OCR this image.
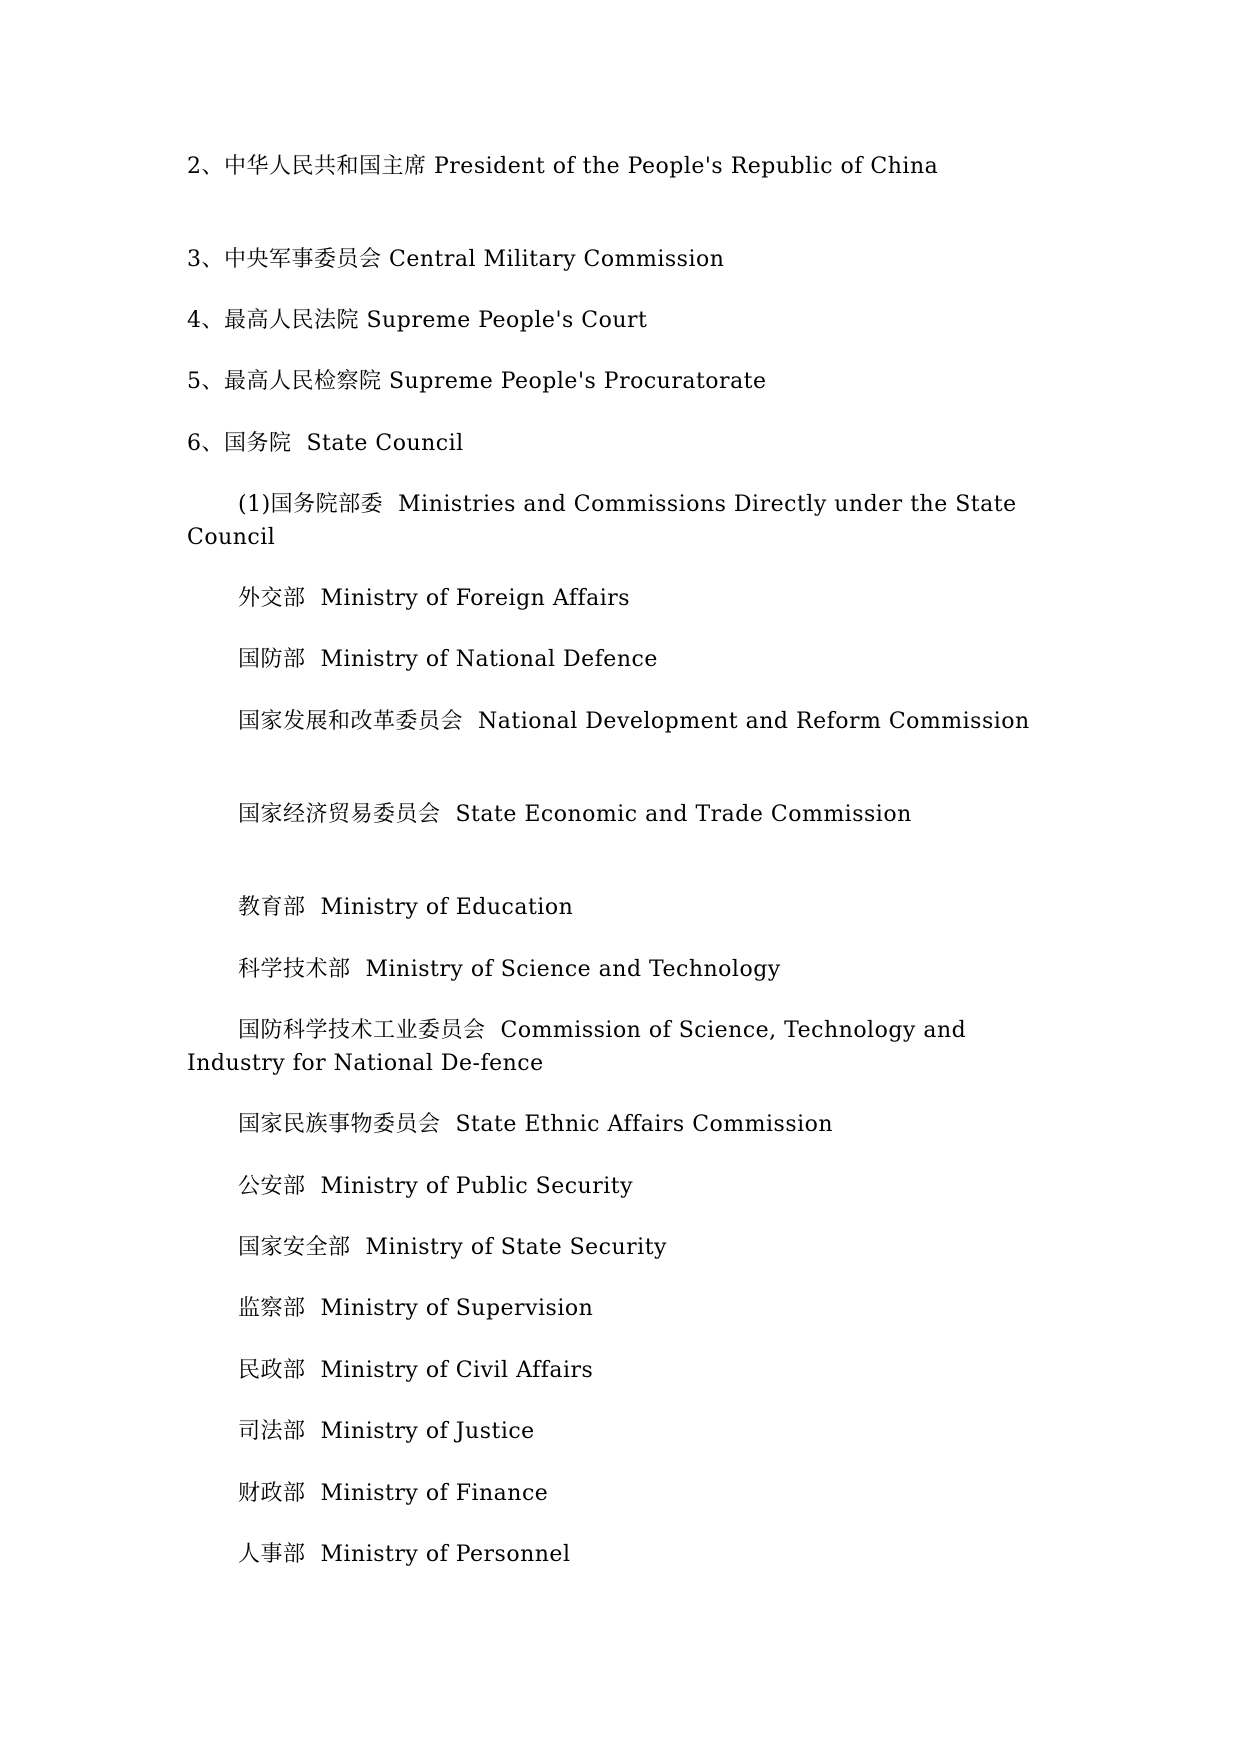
2、中华人民共和国主席 President of the People's Republic of China
3、中央军事委员会 Central Military Commission
4、最高人民法院 Supreme People's Court
5、最高人民检察院 Supreme People's Procuratorate
6、国务院  State Council
(1)国务院部委  Ministries and Commissions Directly under the State
Council
外交部  Ministry of Foreign Affairs
国防部  Ministry of National Defence
国家发展和改革委员会  National Development and Reform Commission
国家经济贸易委员会  State Economic and Trade Commission
教育部  Ministry of Education
科学技术部  Ministry of Science and Technology
国防科学技术工业委员会  Commission of Science, Technology and
Industry for National De-fence
国家民族事物委员会  State Ethnic Affairs Commission
公安部  Ministry of Public Security
国家安全部  Ministry of State Security
监察部  Ministry of Supervision
民政部  Ministry of Civil Affairs
司法部  Ministry of Justice
财政部  Ministry of Finance
人事部  Ministry of Personnel
